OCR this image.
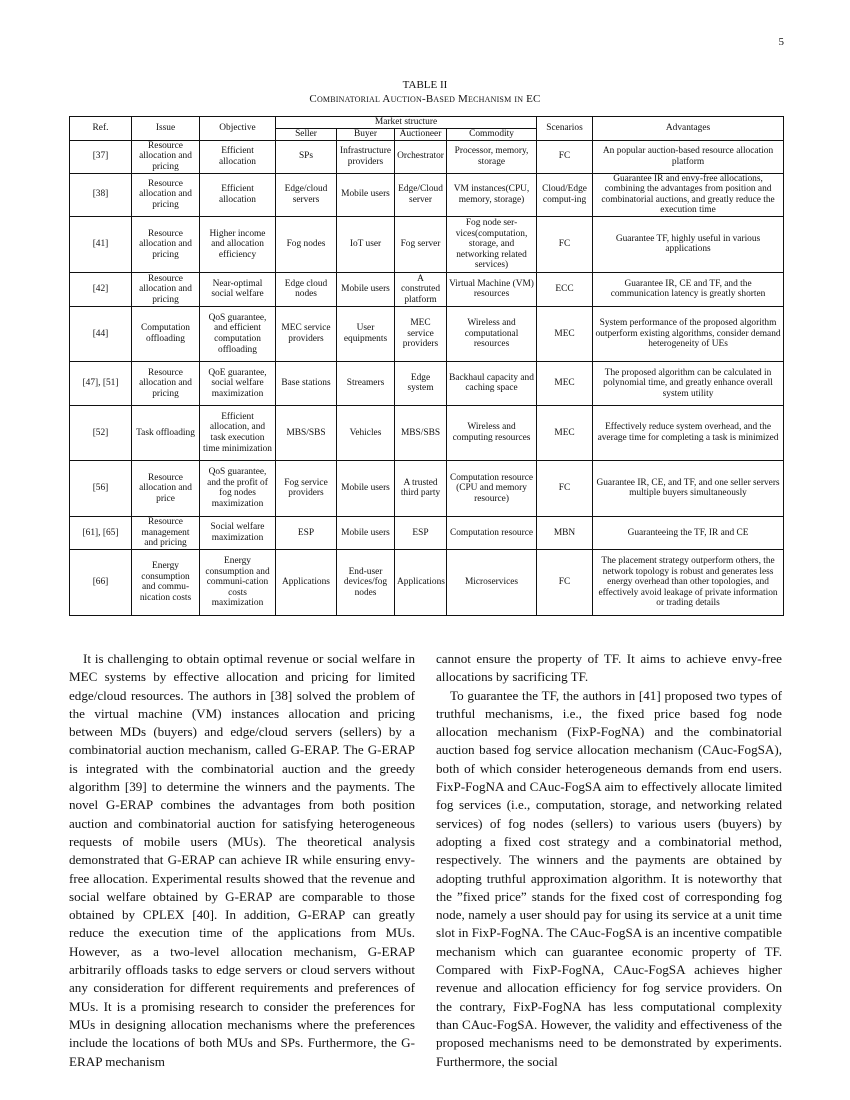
5
TABLE II
Combinatorial Auction-Based Mechanism in EC
Ref.	Issue	Objective	Market structure				Scenarios	Advantages
			Seller	Buyer	Auctioneer	Commodity		
[37]	Resource allocation and pricing	Efficient allocation	SPs	Infrastructure providers	Orchestrator	Processor, memory, storage	FC	An popular auction-based resource allocation platform
[38]	Resource allocation and pricing	Efficient allocation	Edge/cloud servers	Mobile users	Edge/Cloud server	VM instances(CPU, memory, storage)	Cloud/Edge comput-ing	Guarantee IR and envy-free allocations, combining the advantages from position and combinatorial auctions, and greatly reduce the execution time
[41]	Resource allocation and pricing	Higher income and allocation efficiency	Fog nodes	IoT user	Fog server	Fog node ser-vices(computation, storage, and networking related services)	FC	Guarantee TF, highly useful in various applications
[42]	Resource allocation and pricing	Near-optimal social welfare	Edge cloud nodes	Mobile users	A construted platform	Virtual Machine (VM) resources	ECC	Guarantee IR, CE and TF, and the communication latency is greatly shorten
[44]	Computation offloading	QoS guarantee, and efficient computation offloading	MEC service providers	User equipments	MEC service providers	Wireless and computational resources	MEC	System performance of the proposed algorithm outperform existing algorithms, consider demand heterogeneity of UEs
[47], [51]	Resource allocation and pricing	QoE guarantee, social welfare maximization	Base stations	Streamers	Edge system	Backhaul capacity and caching space	MEC	The proposed algorithm can be calculated in polynomial time, and greatly enhance overall system utility
[52]	Task offloading	Efficient allocation, and task execution time minimization	MBS/SBS	Vehicles	MBS/SBS	Wireless and computing resources	MEC	Effectively reduce system overhead, and the average time for completing a task is minimized
[56]	Resource allocation and price	QoS guarantee, and the profit of fog nodes maximization	Fog service providers	Mobile users	A trusted third party	Computation resource (CPU and memory resource)	FC	Guarantee IR, CE, and TF, and one seller servers multiple buyers simultaneously
[61], [65]	Resource management and pricing	Social welfare maximization	ESP	Mobile users	ESP	Computation resource	MBN	Guaranteeing the TF, IR and CE
[66]	Energy consumption and commu-nication costs	Energy consumption and communi-cation costs maximization	Applications	End-user devices/fog nodes	Applications	Microservices	FC	The placement strategy outperform others, the network topology is robust and generates less energy overhead than other topologies, and effectively avoid leakage of private information or trading details

It is challenging to obtain optimal revenue or social welfare in MEC systems by effective allocation and pricing for limited edge/cloud resources. The authors in [38] solved the problem of the virtual machine (VM) instances allocation and pricing between MDs (buyers) and edge/cloud servers (sellers) by a combinatorial auction mechanism, called G-ERAP. The G-ERAP is integrated with the combinatorial auction and the greedy algorithm [39] to determine the winners and the payments. The novel G-ERAP combines the advantages from both position auction and combinatorial auction for satisfying heterogeneous requests of mobile users (MUs). The theoretical analysis demonstrated that G-ERAP can achieve IR while ensuring envy-free allocation. Experimental results showed that the revenue and social welfare obtained by G-ERAP are comparable to those obtained by CPLEX [40]. In addition, G-ERAP can greatly reduce the execution time of the applications from MUs. However, as a two-level allocation mechanism, G-ERAP arbitrarily offloads tasks to edge servers or cloud servers without any consideration for different requirements and preferences of MUs. It is a promising research to consider the preferences for MUs in designing allocation mechanisms where the preferences include the locations of both MUs and SPs. Furthermore, the G-ERAP mechanism

cannot ensure the property of TF. It aims to achieve envy-free allocations by sacrificing TF.

To guarantee the TF, the authors in [41] proposed two types of truthful mechanisms, i.e., the fixed price based fog node allocation mechanism (FixP-FogNA) and the combinatorial auction based fog service allocation mechanism (CAuc-FogSA), both of which consider heterogeneous demands from end users. FixP-FogNA and CAuc-FogSA aim to effectively allocate limited fog services (i.e., computation, storage, and networking related services) of fog nodes (sellers) to various users (buyers) by adopting a fixed cost strategy and a combinatorial method, respectively. The winners and the payments are obtained by adopting truthful approximation algorithm. It is noteworthy that the ”fixed price” stands for the fixed cost of corresponding fog node, namely a user should pay for using its service at a unit time slot in FixP-FogNA. The CAuc-FogSA is an incentive compatible mechanism which can guarantee economic property of TF. Compared with FixP-FogNA, CAuc-FogSA achieves higher revenue and allocation efficiency for fog service providers. On the contrary, FixP-FogNA has less computational complexity than CAuc-FogSA. However, the validity and effectiveness of the proposed mechanisms need to be demonstrated by experiments. Furthermore, the social
